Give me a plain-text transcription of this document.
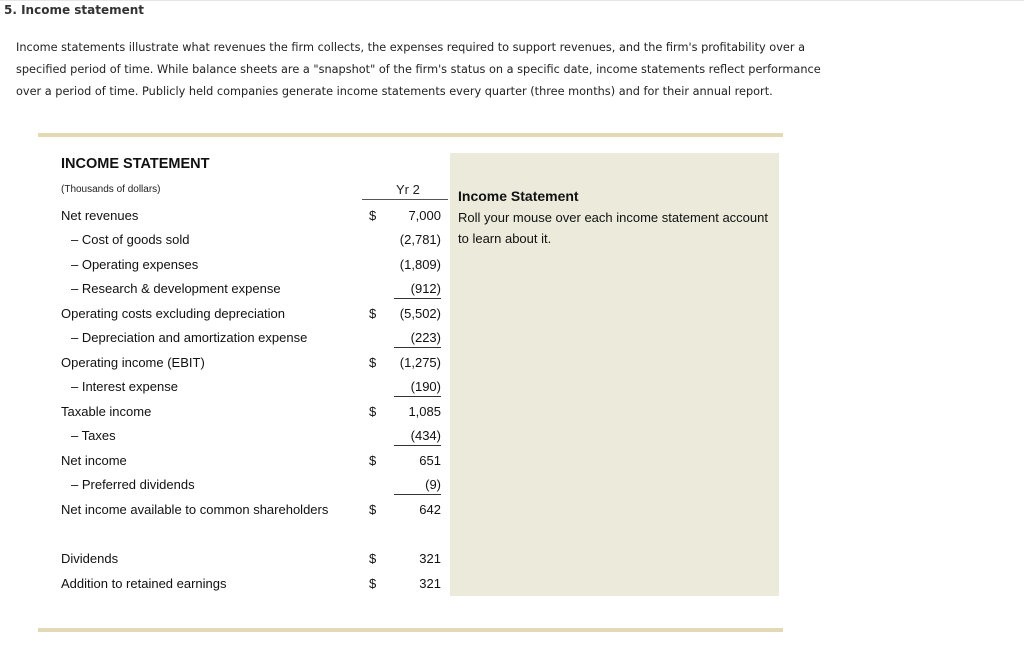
5. Income statement
Income statements illustrate what revenues the firm collects, the expenses required to support revenues, and the firm's profitability over a specified period of time. While balance sheets are a "snapshot" of the firm's status on a specific date, income statements reflect performance over a period of time. Publicly held companies generate income statements every quarter (three months) and for their annual report.
INCOME STATEMENT
(Thousands of dollars)	Yr 2
Net revenues	$ 7,000
– Cost of goods sold	(2,781)
– Operating expenses	(1,809)
– Research & development expense	(912)
Operating costs excluding depreciation	$ (5,502)
– Depreciation and amortization expense	(223)
Operating income (EBIT)	$ (1,275)
– Interest expense	(190)
Taxable income	$ 1,085
– Taxes	(434)
Net income	$	651
– Preferred dividends	(9)
Net income available to common shareholders	$	642
Dividends	$	321
Addition to retained earnings	$	321
Income Statement
Roll your mouse over each income statement account to learn about it.
